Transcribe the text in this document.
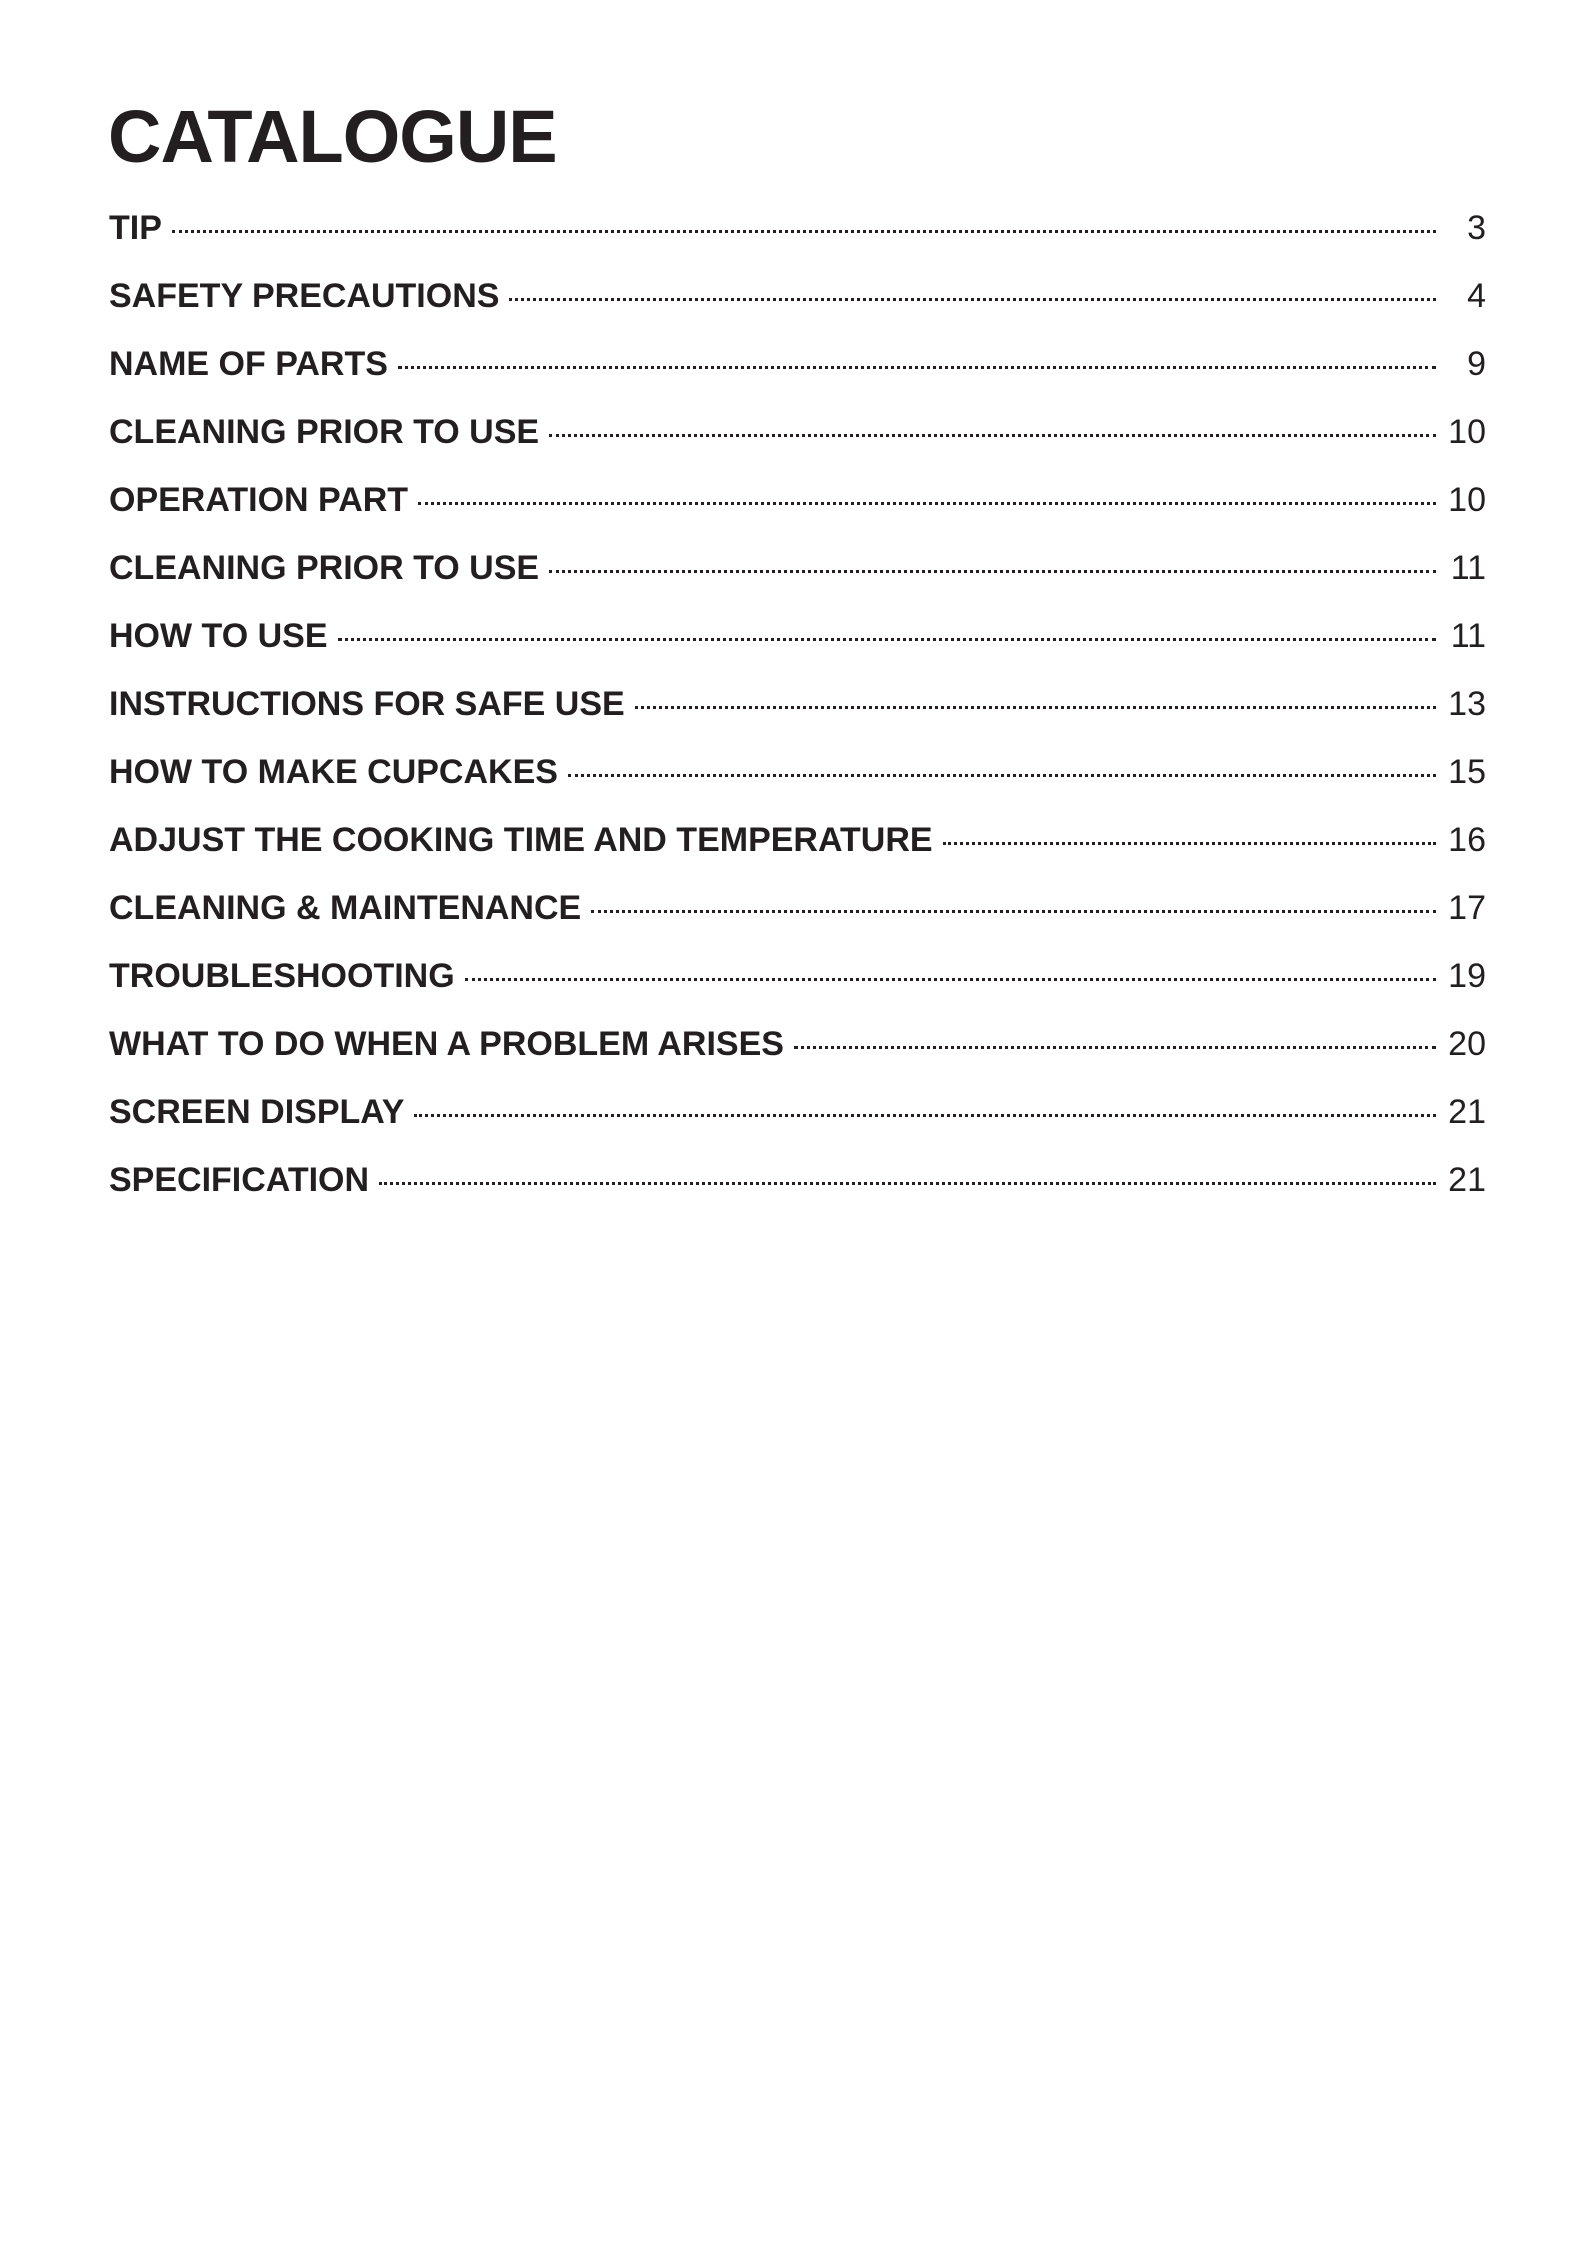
CATALOGUE
TIP	3
SAFETY PRECAUTIONS	4
NAME OF PARTS	9
CLEANING PRIOR TO USE	10
OPERATION PART	10
CLEANING PRIOR TO USE	11
HOW TO USE	11
INSTRUCTIONS FOR SAFE USE	13
HOW TO MAKE CUPCAKES	15
ADJUST THE COOKING TIME AND TEMPERATURE	16
CLEANING & MAINTENANCE	17
TROUBLESHOOTING	19
WHAT TO DO WHEN A PROBLEM ARISES	20
SCREEN DISPLAY	21
SPECIFICATION	21
